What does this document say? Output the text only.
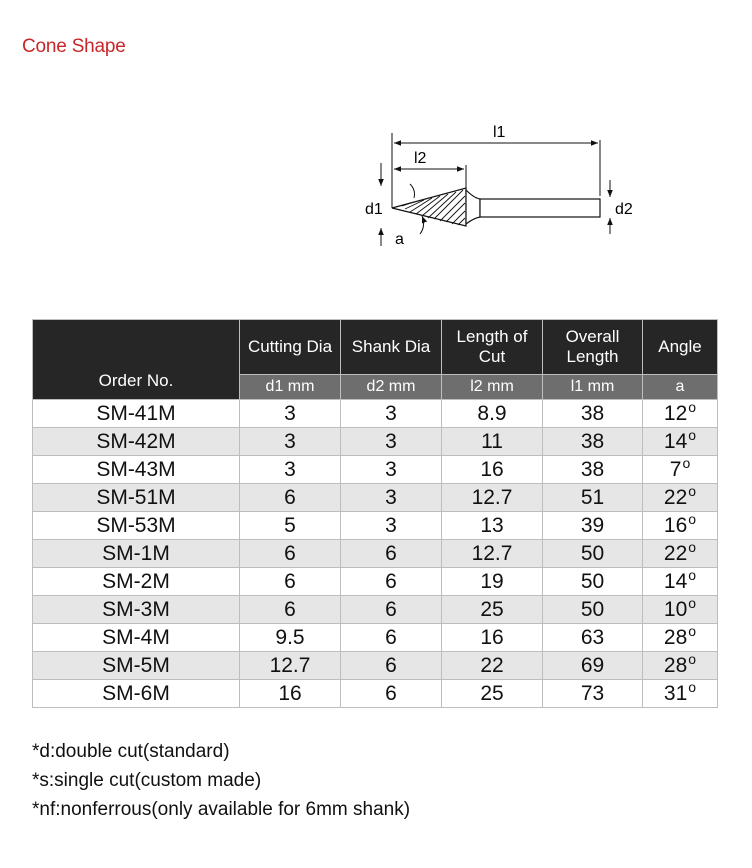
Cone Shape
l1
l2
d1	d2
a
Order No.	Cutting Dia	Shank Dia	Length of Cut	Overall Length	Angle
	d1 mm	d2 mm	l2 mm	l1 mm	a
SM-41M	3	3	8.9	38	12$^o$
SM-42M	3	3	11	38	14$^o$
SM-43M	3	3	16	38	7$^o$
SM-51M	6	3	12.7	51	22$^o$
SM-53M	5	3	13	39	16$^o$
SM-1M	6	6	12.7	50	22$^o$
SM-2M	6	6	19	50	14$^o$
SM-3M	6	6	25	50	10$^o$
SM-4M	9.5	6	16	63	28$^o$
SM-5M	12.7	6	22	69	28$^o$
SM-6M	16	6	25	73	31$^o$
*d:double cut(standard)
*s:single cut(custom made)
*nf:nonferrous(only available for 6mm shank)
